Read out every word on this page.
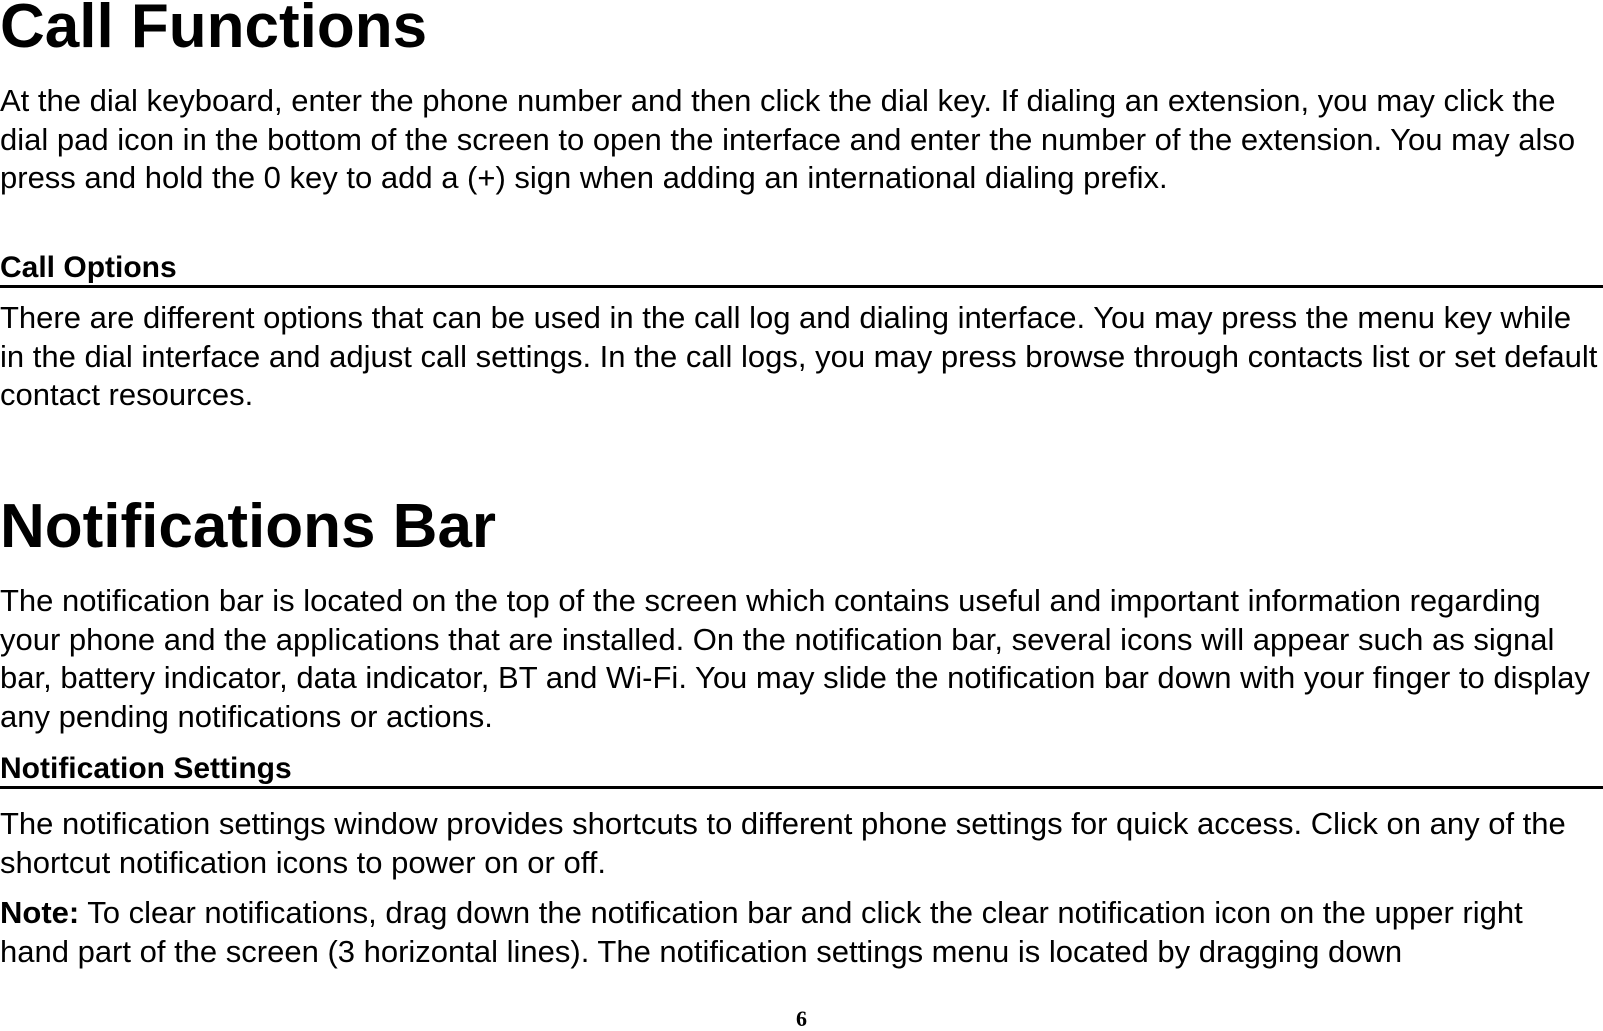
Call Functions

At the dial keyboard, enter the phone number and then click the dial key. If dialing an extension, you may click the dial pad icon in the bottom of the screen to open the interface and enter the number of the extension. You may also press and hold the 0 key to add a (+) sign when adding an international dialing prefix.

Call Options

There are different options that can be used in the call log and dialing interface. You may press the menu key while in the dial interface and adjust call settings. In the call logs, you may press browse through contacts list or set default contact resources.

Notifications Bar

The notification bar is located on the top of the screen which contains useful and important information regarding your phone and the applications that are installed. On the notification bar, several icons will appear such as signal bar, battery indicator, data indicator, BT and Wi-Fi. You may slide the notification bar down with your finger to display any pending notifications or actions.

Notification Settings

The notification settings window provides shortcuts to different phone settings for quick access. Click on any of the shortcut notification icons to power on or off.

Note: To clear notifications, drag down the notification bar and click the clear notification icon on the upper right hand part of the screen (3 horizontal lines). The notification settings menu is located by dragging down

6
